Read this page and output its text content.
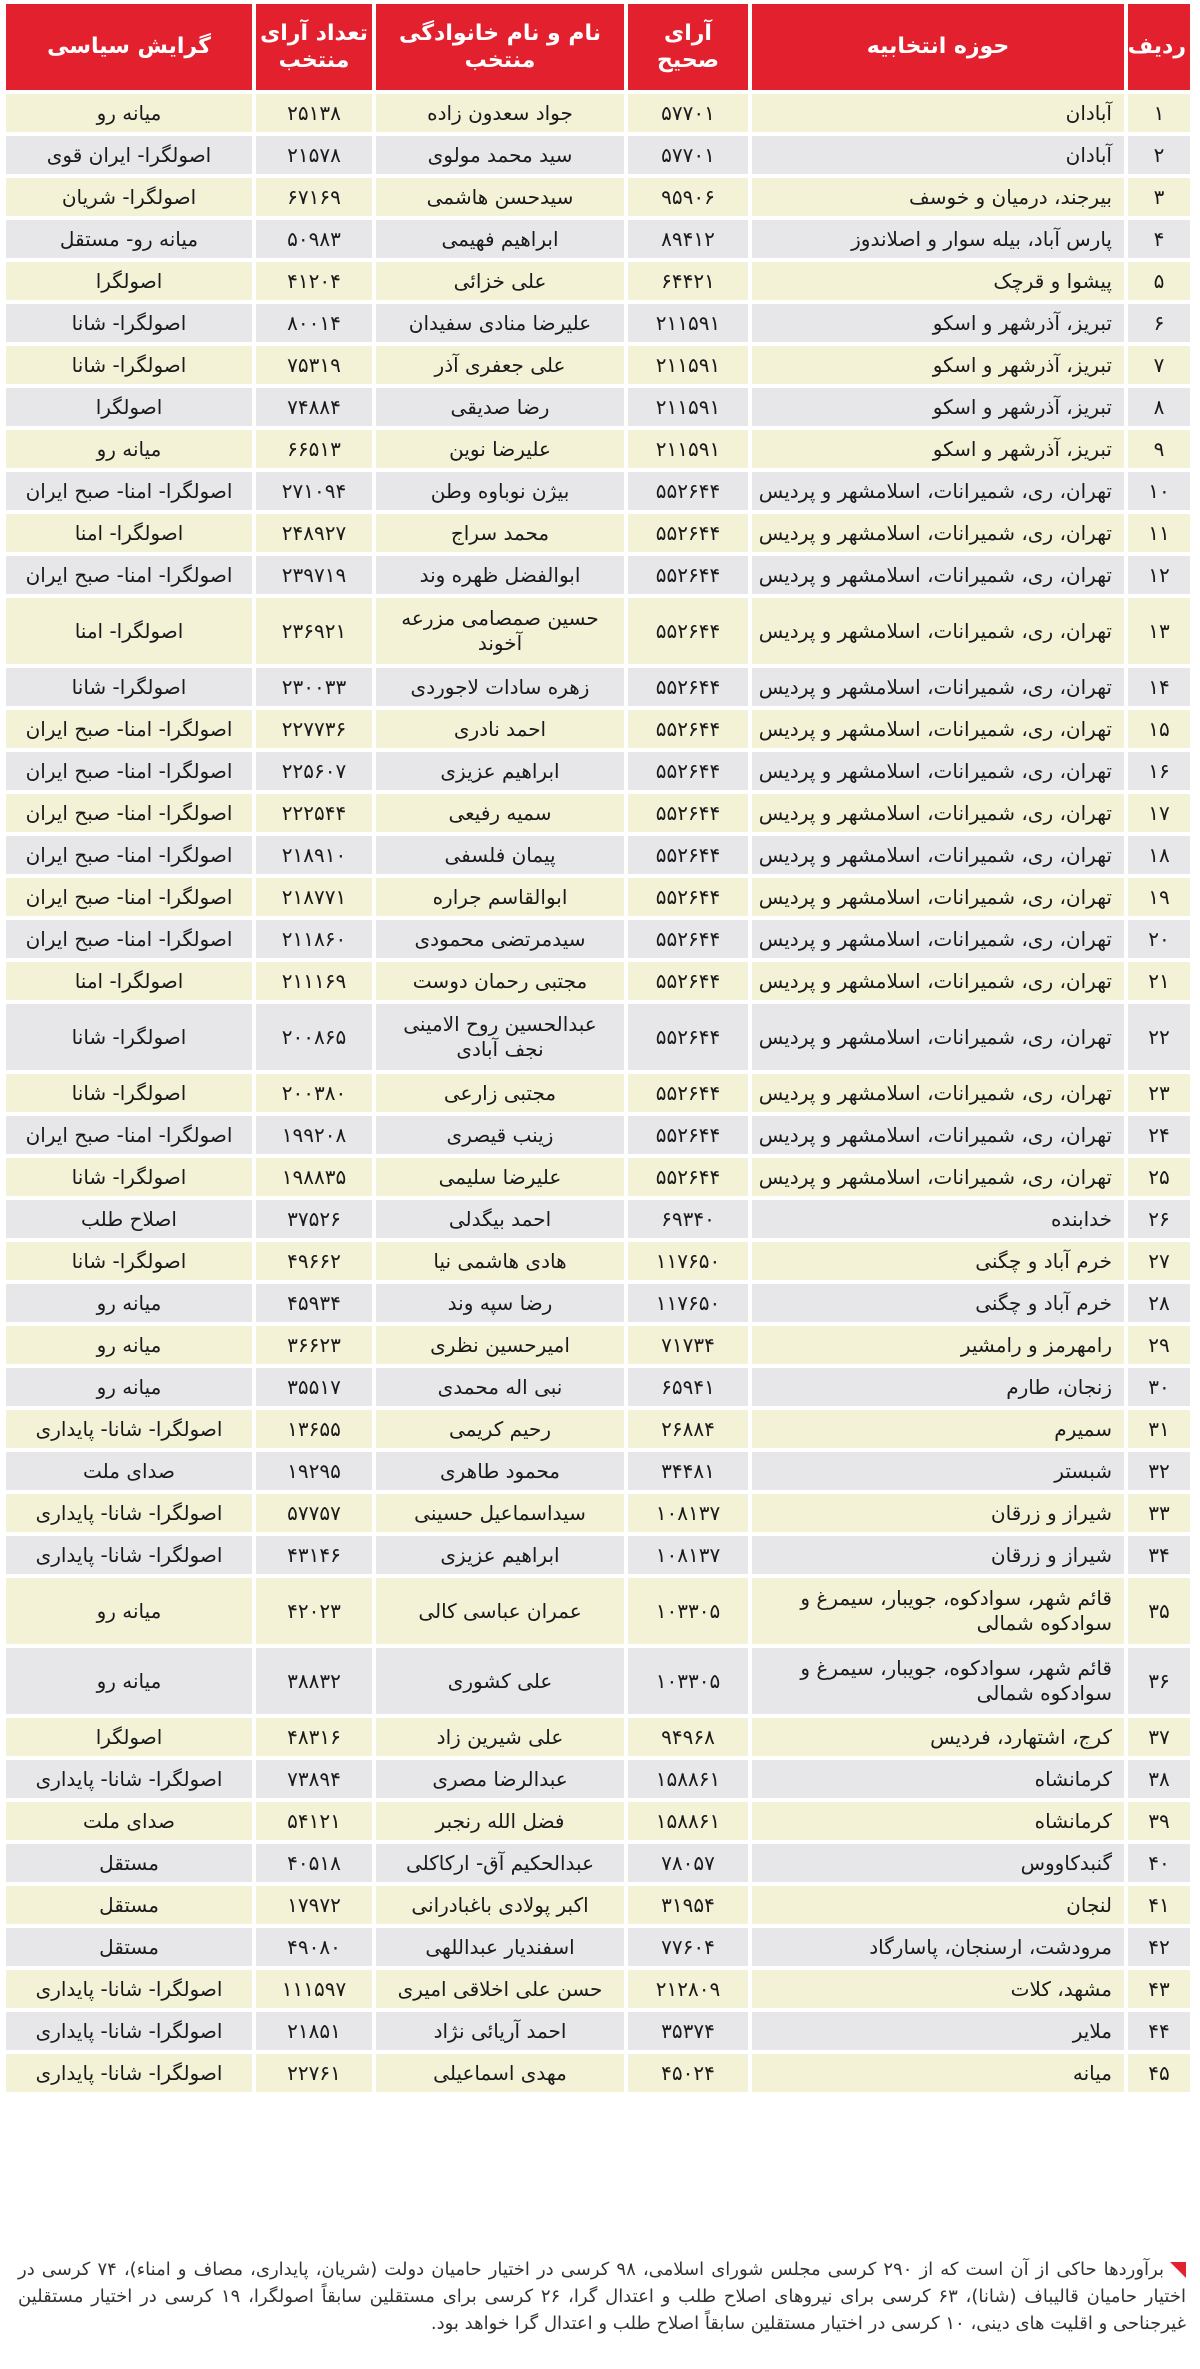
ردیف	حوزه انتخابیه	آرای صحیح	نام و نام خانوادگی منتخب	تعداد آرای منتخب	گرایش سیاسی
۱	آبادان	۵۷۷۰۱	جواد سعدون زاده	۲۵۱۳۸	میانه رو
۲	آبادان	۵۷۷۰۱	سید محمد مولوی	۲۱۵۷۸	اصولگرا- ایران قوی
۳	بیرجند، درمیان و خوسف	۹۵۹۰۶	سیدحسن هاشمی	۶۷۱۶۹	اصولگرا- شریان
۴	پارس آباد، بیله سوار و اصلاندوز	۸۹۴۱۲	ابراهیم فهیمی	۵۰۹۸۳	میانه رو- مستقل
۵	پیشوا و قرچک	۶۴۴۲۱	علی خزائی	۴۱۲۰۴	اصولگرا
۶	تبریز، آذرشهر و اسکو	۲۱۱۵۹۱	علیرضا منادی سفیدان	۸۰۰۱۴	اصولگرا- شانا
۷	تبریز، آذرشهر و اسکو	۲۱۱۵۹۱	علی جعفری آذر	۷۵۳۱۹	اصولگرا- شانا
۸	تبریز، آذرشهر و اسکو	۲۱۱۵۹۱	رضا صدیقی	۷۴۸۸۴	اصولگرا
۹	تبریز، آذرشهر و اسکو	۲۱۱۵۹۱	علیرضا نوین	۶۶۵۱۳	میانه رو
۱۰	تهران، ری، شمیرانات، اسلامشهر و پردیس	۵۵۲۶۴۴	بیژن نوباوه وطن	۲۷۱۰۹۴	اصولگرا- امنا- صبح ایران
۱۱	تهران، ری، شمیرانات، اسلامشهر و پردیس	۵۵۲۶۴۴	محمد سراج	۲۴۸۹۲۷	اصولگرا- امنا
۱۲	تهران، ری، شمیرانات، اسلامشهر و پردیس	۵۵۲۶۴۴	ابوالفضل ظهره وند	۲۳۹۷۱۹	اصولگرا- امنا- صبح ایران
۱۳	تهران، ری، شمیرانات، اسلامشهر و پردیس	۵۵۲۶۴۴	حسین صمصامی مزرعه آخوند	۲۳۶۹۲۱	اصولگرا- امنا
۱۴	تهران، ری، شمیرانات، اسلامشهر و پردیس	۵۵۲۶۴۴	زهره سادات لاجوردی	۲۳۰۰۳۳	اصولگرا- شانا
۱۵	تهران، ری، شمیرانات، اسلامشهر و پردیس	۵۵۲۶۴۴	احمد نادری	۲۲۷۷۳۶	اصولگرا- امنا- صبح ایران
۱۶	تهران، ری، شمیرانات، اسلامشهر و پردیس	۵۵۲۶۴۴	ابراهیم عزیزی	۲۲۵۶۰۷	اصولگرا- امنا- صبح ایران
۱۷	تهران، ری، شمیرانات، اسلامشهر و پردیس	۵۵۲۶۴۴	سمیه رفیعی	۲۲۲۵۴۴	اصولگرا- امنا- صبح ایران
۱۸	تهران، ری، شمیرانات، اسلامشهر و پردیس	۵۵۲۶۴۴	پیمان فلسفی	۲۱۸۹۱۰	اصولگرا- امنا- صبح ایران
۱۹	تهران، ری، شمیرانات، اسلامشهر و پردیس	۵۵۲۶۴۴	ابوالقاسم جراره	۲۱۸۷۷۱	اصولگرا- امنا- صبح ایران
۲۰	تهران، ری، شمیرانات، اسلامشهر و پردیس	۵۵۲۶۴۴	سیدمرتضی محمودی	۲۱۱۸۶۰	اصولگرا- امنا- صبح ایران
۲۱	تهران، ری، شمیرانات، اسلامشهر و پردیس	۵۵۲۶۴۴	مجتبی رحمان دوست	۲۱۱۱۶۹	اصولگرا- امنا
۲۲	تهران، ری، شمیرانات، اسلامشهر و پردیس	۵۵۲۶۴۴	عبدالحسین روح الامینی نجف آبادی	۲۰۰۸۶۵	اصولگرا- شانا
۲۳	تهران، ری، شمیرانات، اسلامشهر و پردیس	۵۵۲۶۴۴	مجتبی زارعی	۲۰۰۳۸۰	اصولگرا- شانا
۲۴	تهران، ری، شمیرانات، اسلامشهر و پردیس	۵۵۲۶۴۴	زینب قیصری	۱۹۹۲۰۸	اصولگرا- امنا- صبح ایران
۲۵	تهران، ری، شمیرانات، اسلامشهر و پردیس	۵۵۲۶۴۴	علیرضا سلیمی	۱۹۸۸۳۵	اصولگرا- شانا
۲۶	خدابنده	۶۹۳۴۰	احمد بیگدلی	۳۷۵۲۶	اصلاح طلب
۲۷	خرم آباد و چگنی	۱۱۷۶۵۰	هادی هاشمی نیا	۴۹۶۶۲	اصولگرا- شانا
۲۸	خرم آباد و چگنی	۱۱۷۶۵۰	رضا سپه وند	۴۵۹۳۴	میانه رو
۲۹	رامهرمز و رامشیر	۷۱۷۳۴	امیرحسین نظری	۳۶۶۲۳	میانه رو
۳۰	زنجان، طارم	۶۵۹۴۱	نبی اله محمدی	۳۵۵۱۷	میانه رو
۳۱	سمیرم	۲۶۸۸۴	رحیم کریمی	۱۳۶۵۵	اصولگرا- شانا- پایداری
۳۲	شبستر	۳۴۴۸۱	محمود طاهری	۱۹۲۹۵	صدای ملت
۳۳	شیراز و زرقان	۱۰۸۱۳۷	سیداسماعیل حسینی	۵۷۷۵۷	اصولگرا- شانا- پایداری
۳۴	شیراز و زرقان	۱۰۸۱۳۷	ابراهیم عزیزی	۴۳۱۴۶	اصولگرا- شانا- پایداری
۳۵	قائم شهر، سوادکوه، جویبار، سیمرغ و سوادکوه شمالی	۱۰۳۳۰۵	عمران عباسی کالی	۴۲۰۲۳	میانه رو
۳۶	قائم شهر، سوادکوه، جویبار، سیمرغ و سوادکوه شمالی	۱۰۳۳۰۵	علی کشوری	۳۸۸۳۲	میانه رو
۳۷	کرج، اشتهارد، فردیس	۹۴۹۶۸	علی شیرین زاد	۴۸۳۱۶	اصولگرا
۳۸	کرمانشاه	۱۵۸۸۶۱	عبدالرضا مصری	۷۳۸۹۴	اصولگرا- شانا- پایداری
۳۹	کرمانشاه	۱۵۸۸۶۱	فضل الله رنجبر	۵۴۱۲۱	صدای ملت
۴۰	گنبدکاووس	۷۸۰۵۷	عبدالحکیم آق- ارکاکلی	۴۰۵۱۸	مستقل
۴۱	لنجان	۳۱۹۵۴	اکبر پولادی باغبادرانی	۱۷۹۷۲	مستقل
۴۲	مرودشت، ارسنجان، پاسارگاد	۷۷۶۰۴	اسفندیار عبداللهی	۴۹۰۸۰	مستقل
۴۳	مشهد، کلات	۲۱۲۸۰۹	حسن علی اخلاقی امیری	۱۱۱۵۹۷	اصولگرا- شانا- پایداری
۴۴	ملایر	۳۵۳۷۴	احمد آریائی نژاد	۲۱۸۵۱	اصولگرا- شانا- پایداری
۴۵	میانه	۴۵۰۲۴	مهدی اسماعیلی	۲۲۷۶۱	اصولگرا- شانا- پایداری
برآوردها حاکی از آن است که از ۲۹۰ کرسی مجلس شورای اسلامی، ۹۸ کرسی در اختیار حامیان دولت (شریان، پایداری، مصاف و امناء)، ۷۴ کرسی در اختیار حامیان قالیباف (شانا)، ۶۳ کرسی برای نیروهای اصلاح طلب و اعتدال گرا، ۲۶ کرسی برای مستقلین سابقاً اصولگرا، ۱۹ کرسی در اختیار مستقلین غیرجناحی و اقلیت های دینی، ۱۰ کرسی در اختیار مستقلین سابقاً اصلاح طلب و اعتدال گرا خواهد بود.
